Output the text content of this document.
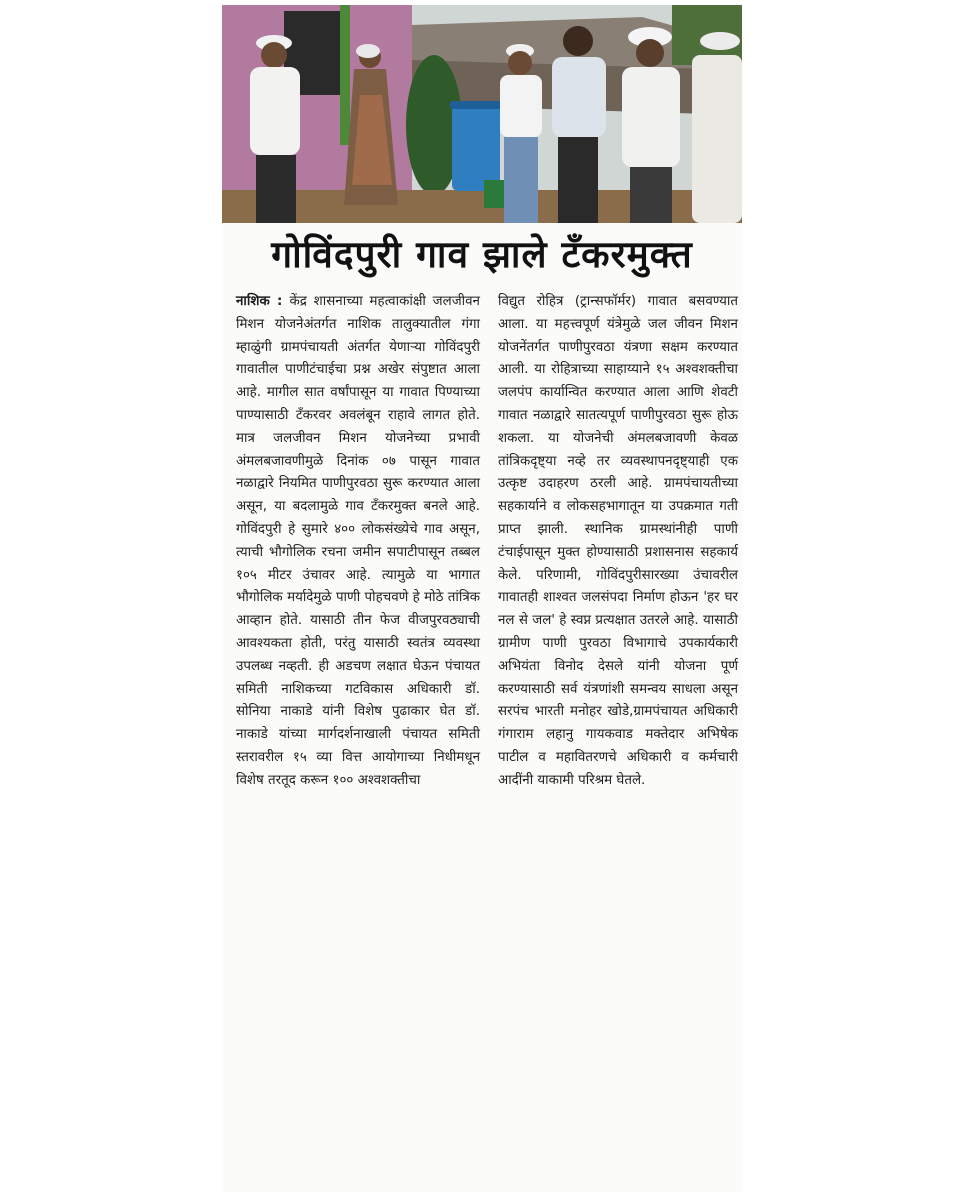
गोविंदपुरी गाव झाले टँकरमुक्त
नाशिक : केंद्र शासनाच्या महत्वाकांक्षी जलजीवन मिशन योजनेअंतर्गत नाशिक तालुक्यातील गंगा म्हाळुंगी ग्रामपंचायती अंतर्गत येणाऱ्या गोविंदपुरी गावातील पाणीटंचाईचा प्रश्न अखेर संपुष्टात आला आहे. मागील सात वर्षांपासून या गावात पिण्याच्या पाण्यासाठी टँकरवर अवलंबून राहावे लागत होते. मात्र जलजीवन मिशन योजनेच्या प्रभावी अंमलबजावणीमुळे दिनांक ०७ पासून गावात नळाद्वारे नियमित पाणीपुरवठा सुरू करण्यात आला असून, या बदलामुळे गाव टँकरमुक्त बनले आहे. गोविंदपुरी हे सुमारे ४०० लोकसंख्येचे गाव असून, त्याची भौगोलिक रचना जमीन सपाटीपासून तब्बल १०५ मीटर उंचावर आहे. त्यामुळे या भागात भौगोलिक मर्यादेमुळे पाणी पोहचवणे हे मोठे तांत्रिक आव्हान होते. यासाठी तीन फेज वीजपुरवठ्याची आवश्यकता होती, परंतु यासाठी स्वतंत्र व्यवस्था उपलब्ध नव्हती. ही अडचण लक्षात घेऊन पंचायत समिती नाशिकच्या गटविकास अधिकारी डॉ. सोनिया नाकाडे यांनी विशेष पुढाकार घेत डॉ. नाकाडे यांच्या मार्गदर्शनाखाली पंचायत समिती स्तरावरील १५ व्या वित्त आयोगाच्या निधीमधून विशेष तरतूद करून १०० अश्वशक्तीचा
विद्युत रोहित्र (ट्रान्सफॉर्मर) गावात बसवण्यात आला. या महत्त्वपूर्ण यंत्रेमुळे जल जीवन मिशन योजनेंतर्गत पाणीपुरवठा यंत्रणा सक्षम करण्यात आली. या रोहित्राच्या साहाय्याने १५ अश्वशक्तीचा जलपंप कार्यान्वित करण्यात आला आणि शेवटी गावात नळाद्वारे सातत्यपूर्ण पाणीपुरवठा सुरू होऊ शकला. या योजनेची अंमलबजावणी केवळ तांत्रिकदृष्ट्या नव्हे तर व्यवस्थापनदृष्ट्याही एक उत्कृष्ट उदाहरण ठरली आहे. ग्रामपंचायतीच्या सहकार्याने व लोकसहभागातून या उपक्रमात गती प्राप्त झाली. स्थानिक ग्रामस्थांनीही पाणी टंचाईपासून मुक्त होण्यासाठी प्रशासनास सहकार्य केले. परिणामी, गोविंदपुरीसारख्या उंचावरील गावातही शाश्वत जलसंपदा निर्माण होऊन 'हर घर नल से जल' हे स्वप्न प्रत्यक्षात उतरले आहे. यासाठी ग्रामीण पाणी पुरवठा विभागाचे उपकार्यकारी अभियंता विनोद देसले यांनी योजना पूर्ण करण्यासाठी सर्व यंत्रणांशी समन्वय साधला असून सरपंच भारती मनोहर खोडे,ग्रामपंचायत अधिकारी गंगाराम लहानु गायकवाड मक्तेदार अभिषेक पाटील व महावितरणचे अधिकारी व कर्मचारी आदींनी याकामी परिश्रम घेतले.
